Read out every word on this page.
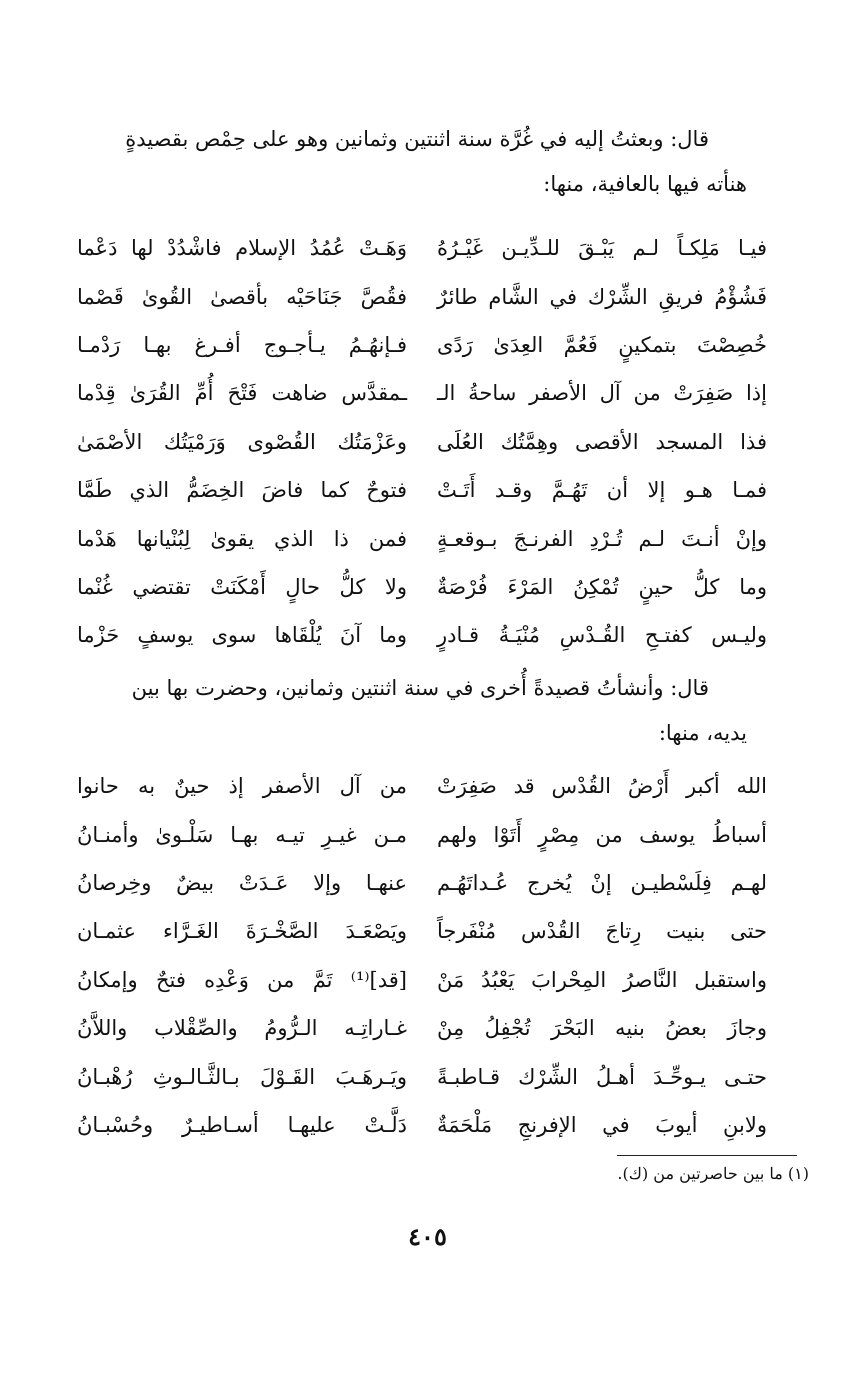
قال: وبعثتُ إليه في غُرَّة سنة اثنتين وثمانين وهو على حِمْص بقصيدةٍ
هنأته فيها بالعافية، منها:
فيـا مَلِكـاً لـم يَبْـقَ للـدِّيـن غَيْـرُهُ
وَهَـتْ عُمُدُ الإسلام فاشْدُدْ لها دَعْما
فَشُؤْمُ فريقِ الشِّرْك في الشَّام طائرٌ
فقُصَّ جَنَاحَيْه بأقصىٰ القُوىٰ قَصْما
خُصِصْتَ بتمكينٍ فَعُمَّ العِدَىٰ رَدًى
فـإنهُـمُ يـأجـوج أفـرغ بهـا رَدْمـا
إذا صَفِرَتْ من آل الأصفر ساحةُ الـ
ـمقدَّس ضاهت فَتْحَ أُمِّ القُرَىٰ قِدْما
فذا المسجد الأقصى وهِمَّتُك العُلَى
وعَزْمَتُك القُصْوى وَرَمْيَتُك الأصْمَىٰ
فمـا هـو إلا أن تَهُـمَّ وقـد أَتَـتْ
فتوحٌ كما فاضَ الخِضَمُّ الذي طَمَّا
وإنْ أنـتَ لـم تُـرْدِ الفرنـجَ بـوقعـةٍ
فمن ذا الذي يقوىٰ لِبُنْيانها هَدْما
وما كلُّ حينٍ تُمْكِنُ المَرْءَ فُرْصَةٌ
ولا كلُّ حالٍ أَمْكَنَتْ تقتضي غُنْما
وليـس كفتـحِ القُـدْسِ مُنْيَـةُ قـادرٍ
وما آنَ يُلْقَاها سوى يوسفٍ حَزْما
قال: وأنشأتُ قصيدةً أُخرى في سنة اثنتين وثمانين، وحضرت بها بين
يديه، منها:
الله أكبر أَرْضُ القُدْس قد صَفِرَتْ
من آل الأصفر إذ حينٌ به حانوا
أسباطُ يوسف من مِصْرٍ أَتَوْا ولهم
مـن غيـرِ تيـه بهـا سَلْـوىٰ وأمنـانُ
لهـم فِلَسْطيـن إنْ يُخرج عُـداتَهُـم
عنهـا وإلا عَـدَتْ بيضٌ وخِرصانُ
حتى بنيت رِتاجَ القُدْس مُنْفَرجاً
ويَصْعَـدَ الصَّخْـرَةَ الغَـرَّاء عثمـان
واستقبل النَّاصرُ المِحْرابَ يَعْبُدُ مَنْ
[قد]⁽¹⁾ تَمَّ من وَعْدِه فتحٌ وإمكانُ
وجازَ بعضُ بنيه البَحْرَ تُجْفِلُ مِنْ
غـاراتِـه الـرُّومُ والصِّقْلاب واللاَّنُ
حتـى يـوحِّـدَ أهـلُ الشِّرْك قـاطبـةً
ويَـرهَـبَ القَـوْلَ بـالثَّـالـوثِ رُهْبـانُ
ولابنِ أيوبَ في الإفرنجِ مَلْحَمَةٌ
دَلَّـتْ عليهـا أسـاطيـرٌ وحُسْبـانُ
(١) ما بين حاصرتين من (ك).
٤٠٥
